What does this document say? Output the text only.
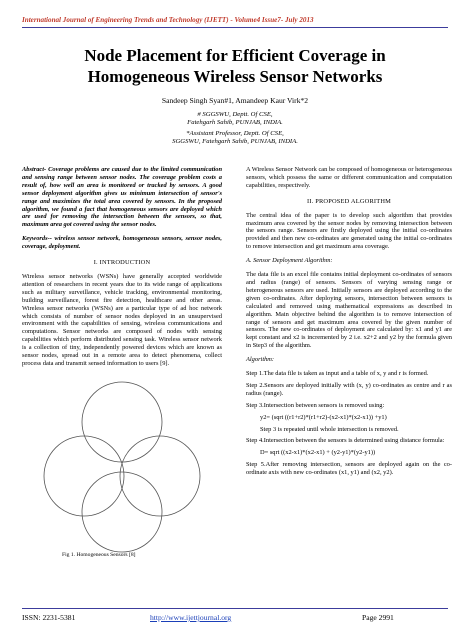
International Journal of Engineering Trends and Technology (IJETT) - Volume4 Issue7- July 2013
Node Placement for Efficient Coverage in
Homogeneous Wireless Sensor Networks
Sandeep Singh Syan#1, Amandeep Kaur Virk*2
# SGGSWU, Deptt. Of CSE,
Fatehgarh Sahib, PUNJAB, INDIA.
*Assistant Professor, Deptt. Of CSE,
SGGSWU, Fatehgarh Sahib, PUNJAB, INDIA.

Abstract- Coverage problems are caused due to the limited communication and sensing range between sensor nodes. The coverage problem costs a result of, how well an area is monitored or tracked by sensors. A good sensor deployment algorithm gives us minimum intersection of sensor's range and maximizes the total area covered by sensors. In the proposed algorithm, we found a fact that homogeneous sensors are deployed which are used for removing the intersection between the sensors, so that, maximum area got covered using the sensor nodes.

Keywords-- wireless sensor network, homogeneous sensors, sensor nodes, coverage, deployment.

I. INTRODUCTION

Wireless sensor networks (WSNs) have generally accepted worldwide attention of researchers in recent years due to its wide range of applications such as military surveillance, vehicle tracking, environmental monitoring, building surveillance, forest fire detection, healthcare and other areas. Wireless sensor networks (WSNs) are a particular type of ad hoc network which consists of number of sensor nodes deployed in an unsupervised environment with the capabilities of sensing, wireless communications and computations. Sensor networks are composed of nodes with sensing capabilities which perform distributed sensing task. Wireless sensor network is a collection of tiny, independently powered devices which are known as sensor nodes, spread out in a remote area to detect phenomena, collect process data and transmit sensed information to users [9].

Fig 1. Homogeneous Sensors [8]

A Wireless Sensor Network can be composed of homogeneous or heterogeneous sensors, which possess the same or different communication and computation capabilities, respectively.

II. PROPOSED ALGORITHM

The central idea of the paper is to develop such algorithm that provides maximum area covered by the sensor nodes by removing intersection between the sensors range. Sensors are firstly deployed using the initial co-ordinates provided and then new co-ordinates are generated using the initial co-ordinates to remove intersection and get maximum area coverage.

A. Sensor Deployment Algorithm:

The data file is an excel file contains initial deployment co-ordinates of sensors and radius (range) of sensors. Sensors of varying sensing range or heterogeneous sensors are used. Initially sensors are deployed according to the given co-ordinates. After deploying sensors, intersection between sensors is calculated and removed using mathematical expressions as described in algorithm. Main objective behind the algorithm is to remove intersection of range of sensors and get maximum area covered by the given number of sensors. The new co-ordinates of deployment are calculated by: x1 and y1 are kept constant and x2 is incremented by 2 i.e. x2+2 and y2 by the formula given in Step3 of the algorithm.

Algorithm:

Step 1.The data file is taken as input and a table of x, y and r is formed.

Step 2.Sensors are deployed initially with (x, y) co-ordinates as centre and r as radius (range).

Step 3.Intersection between sensors is removed using:

y2= (sqrt ((r1+r2)*(r1+r2)-(x2-x1)*(x2-x1)) +y1)

Step 3 is repeated until whole intersection is removed.

Step 4.Intersection between the sensors is determined using distance formula:

D= sqrt ((x2-x1)*(x2-x1) + (y2-y1)*(y2-y1))

Step 5.After removing intersection, sensors are deployed again on the co-ordinate axis with new co-ordinates (x1, y1) and (x2, y2).

ISSN: 2231-5381	http://www.ijettjournal.org	Page 2991
